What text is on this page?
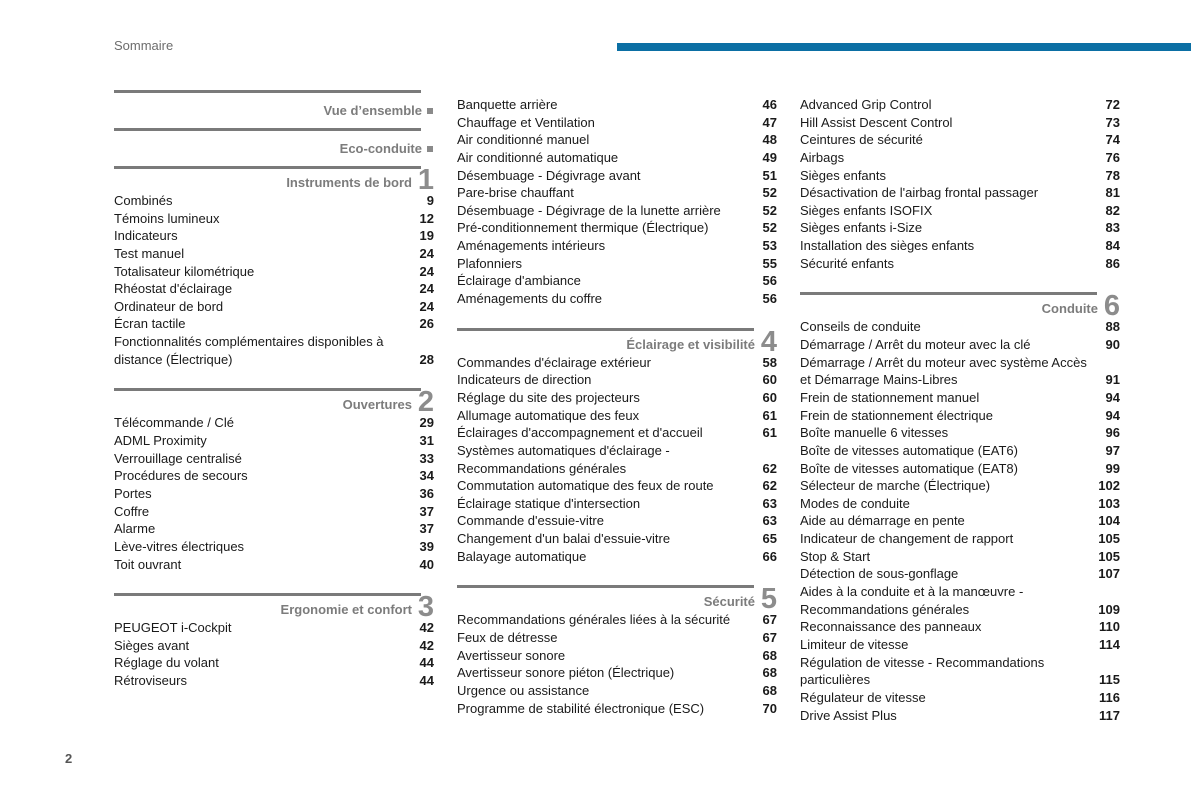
Sommaire
Vue d’ensemble
Eco-conduite
Instruments de bord 1
Combinés	9
Témoins lumineux	12
Indicateurs	19
Test manuel	24
Totalisateur kilométrique	24
Rhéostat d'éclairage	24
Ordinateur de bord	24
Écran tactile	26
Fonctionnalités complémentaires disponibles à
distance (Électrique)	28
Ouvertures 2
Télécommande / Clé	29
ADML Proximity	31
Verrouillage centralisé	33
Procédures de secours	34
Portes	36
Coffre	37
Alarme	37
Lève-vitres électriques	39
Toit ouvrant	40
Ergonomie et confort 3
PEUGEOT i-Cockpit	42
Sièges avant	42
Réglage du volant	44
Rétroviseurs	44
Banquette arrière	46
Chauffage et Ventilation	47
Air conditionné manuel	48
Air conditionné automatique	49
Désembuage - Dégivrage avant	51
Pare-brise chauffant	52
Désembuage - Dégivrage de la lunette arrière	52
Pré-conditionnement thermique (Électrique)	52
Aménagements intérieurs	53
Plafonniers	55
Éclairage d'ambiance	56
Aménagements du coffre	56
Éclairage et visibilité 4
Commandes d'éclairage extérieur	58
Indicateurs de direction	60
Réglage du site des projecteurs	60
Allumage automatique des feux	61
Éclairages d'accompagnement et d'accueil	61
Systèmes automatiques d'éclairage -
Recommandations générales	62
Commutation automatique des feux de route	62
Éclairage statique d'intersection	63
Commande d'essuie-vitre	63
Changement d'un balai d'essuie-vitre	65
Balayage automatique	66
Sécurité 5
Recommandations générales liées à la sécurité	67
Feux de détresse	67
Avertisseur sonore	68
Avertisseur sonore piéton (Électrique)	68
Urgence ou assistance	68
Programme de stabilité électronique (ESC)	70
Advanced Grip Control	72
Hill Assist Descent Control	73
Ceintures de sécurité	74
Airbags	76
Sièges enfants	78
Désactivation de l'airbag frontal passager	81
Sièges enfants ISOFIX	82
Sièges enfants i-Size	83
Installation des sièges enfants	84
Sécurité enfants	86
Conduite 6
Conseils de conduite	88
Démarrage / Arrêt du moteur avec la clé	90
Démarrage / Arrêt du moteur avec système Accès
et Démarrage Mains-Libres	91
Frein de stationnement manuel	94
Frein de stationnement électrique	94
Boîte manuelle 6 vitesses	96
Boîte de vitesses automatique (EAT6)	97
Boîte de vitesses automatique (EAT8)	99
Sélecteur de marche (Électrique)	102
Modes de conduite	103
Aide au démarrage en pente	104
Indicateur de changement de rapport	105
Stop & Start	105
Détection de sous-gonflage	107
Aides à la conduite et à la manœuvre -
Recommandations générales	109
Reconnaissance des panneaux	110
Limiteur de vitesse	114
Régulation de vitesse - Recommandations
particulières	115
Régulateur de vitesse	116
Drive Assist Plus	117
2
